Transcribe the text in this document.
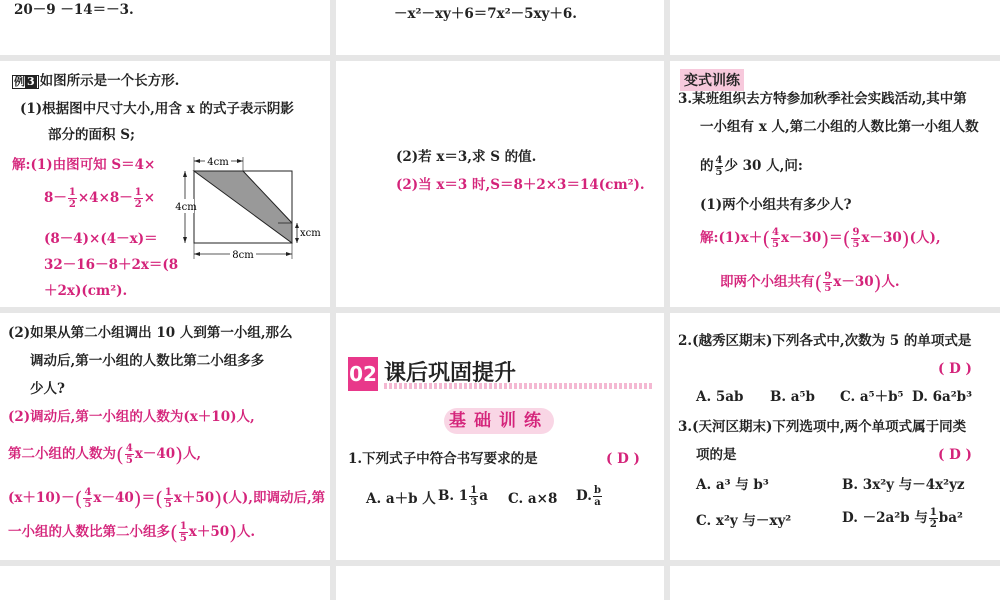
20－9 －14＝－3.	－x²－xy＋6＝7x²－5xy＋6.
例 3 如图所示是一个长方形.
(1)根据图中尺寸大小,用含 x 的式子表示阴影
部分的面积 S;
解:(1)由图可知 S＝4×
$8- \frac{1}{2} \times 4\times 8- \frac{1}{2}$ ×
(8－4)×(4－x)＝
32－16－8＋2x＝(8
＋2x)(cm²).
4cm
4cm
xcm
8cm
(2)若 x＝3,求 S 的值.
(2)当 x＝3 时,S＝8＋2×3＝14(cm²).
变式训练
3.某班组织去方特参加秋季社会实践活动,其中第
一小组有 x 人,第二小组的人数比第一小组人数
的 $\frac{4}{5}$ 少 30 人,问:
(1)两个小组共有多少人?
解:(1)x＋( $\frac{4}{5} x-30)=( \frac{9}{5} x-30)$(人),
即两个小组共有( $\frac{9}{5} x-30$)人.
(2)如果从第二小组调出 10 人到第一小组,那么
调动后,第一小组的人数比第二小组多多
少人?
(2)调动后,第一小组的人数为(x＋10)人,
第二小组的人数为( $\frac{4}{5} x-40$)人,
$(x+10)-( \frac{4}{5} x-40)=( \frac{1}{5} x+50)$(人),即调动后,第
一小组的人数比第二小组多( $\frac{1}{5} x+50$)人.
02 课后巩固提升
基础训练
1.下列式子中符合书写要求的是	( D )
A. a＋b 人 B. $1 \frac{1}{3}$ a C. a×8 D. $\frac{b}{a}$
2.(越秀区期末)下列各式中,次数为 5 的单项式是
( D )
A. 5ab B. a⁵b C. a⁵＋b⁵ D. 6a²b³
3.(天河区期末)下列选项中,两个单项式属于同类
项的是	( D )
A. a³ 与 b³	B. 3x²y 与－4x²yz
C. x²y 与－xy²	D. －2a²b 与 $\frac{1}{2} ba^2$
